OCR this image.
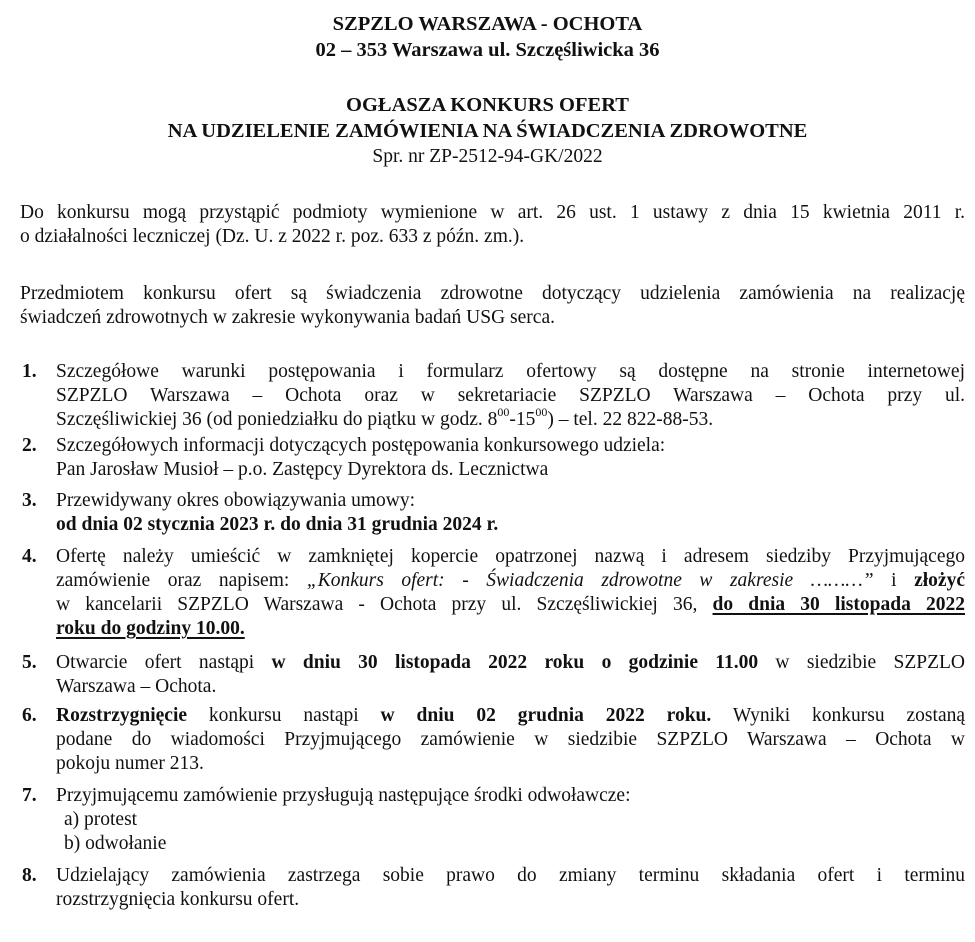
SZPZLO WARSZAWA - OCHOTA
02 – 353 Warszawa ul. Szczęśliwicka 36
OGŁASZA KONKURS OFERT
NA UDZIELENIE ZAMÓWIENIA NA ŚWIADCZENIA ZDROWOTNE
Spr. nr ZP-2512-94-GK/2022
Do konkursu mogą przystąpić podmioty wymienione w art. 26 ust. 1 ustawy z dnia 15 kwietnia 2011 r.
o działalności leczniczej (Dz. U. z 2022 r. poz. 633 z późn. zm.).
Przedmiotem konkursu ofert są świadczenia zdrowotne dotyczący udzielenia zamówienia na realizację
świadczeń zdrowotnych w zakresie wykonywania badań USG serca.
1. Szczegółowe warunki postępowania i formularz ofertowy są dostępne na stronie internetowej
SZPZLO Warszawa – Ochota oraz w sekretariacie SZPZLO Warszawa – Ochota przy ul.
Szczęśliwickiej 36 (od poniedziałku do piątku w godz. $8^{00}-15^{00}$) – tel. 22 822-88-53.
2. Szczegółowych informacji dotyczących postępowania konkursowego udziela:
Pan Jarosław Musioł – p.o. Zastępcy Dyrektora ds. Lecznictwa
3. Przewidywany okres obowiązywania umowy:
od dnia 02 stycznia 2023 r. do dnia 31 grudnia 2024 r.
4. Ofertę należy umieścić w zamkniętej kopercie opatrzonej nazwą i adresem siedziby Przyjmującego
zamówienie oraz napisem: „Konkurs ofert: - Świadczenia zdrowotne w zakresie ………” i złożyć
w kancelarii SZPZLO Warszawa - Ochota przy ul. Szczęśliwickiej 36, do dnia 30 listopada 2022
roku do godziny 10.00.
5. Otwarcie ofert nastąpi w dniu 30 listopada 2022 roku o godzinie 11.00 w siedzibie SZPZLO
Warszawa – Ochota.
6. Rozstrzygnięcie konkursu nastąpi w dniu 02 grudnia 2022 roku. Wyniki konkursu zostaną
podane do wiadomości Przyjmującego zamówienie w siedzibie SZPZLO Warszawa – Ochota w
pokoju numer 213.
7. Przyjmującemu zamówienie przysługują następujące środki odwoławcze:
a) protest
b) odwołanie
8. Udzielający zamówienia zastrzega sobie prawo do zmiany terminu składania ofert i terminu
rozstrzygnięcia konkursu ofert.
